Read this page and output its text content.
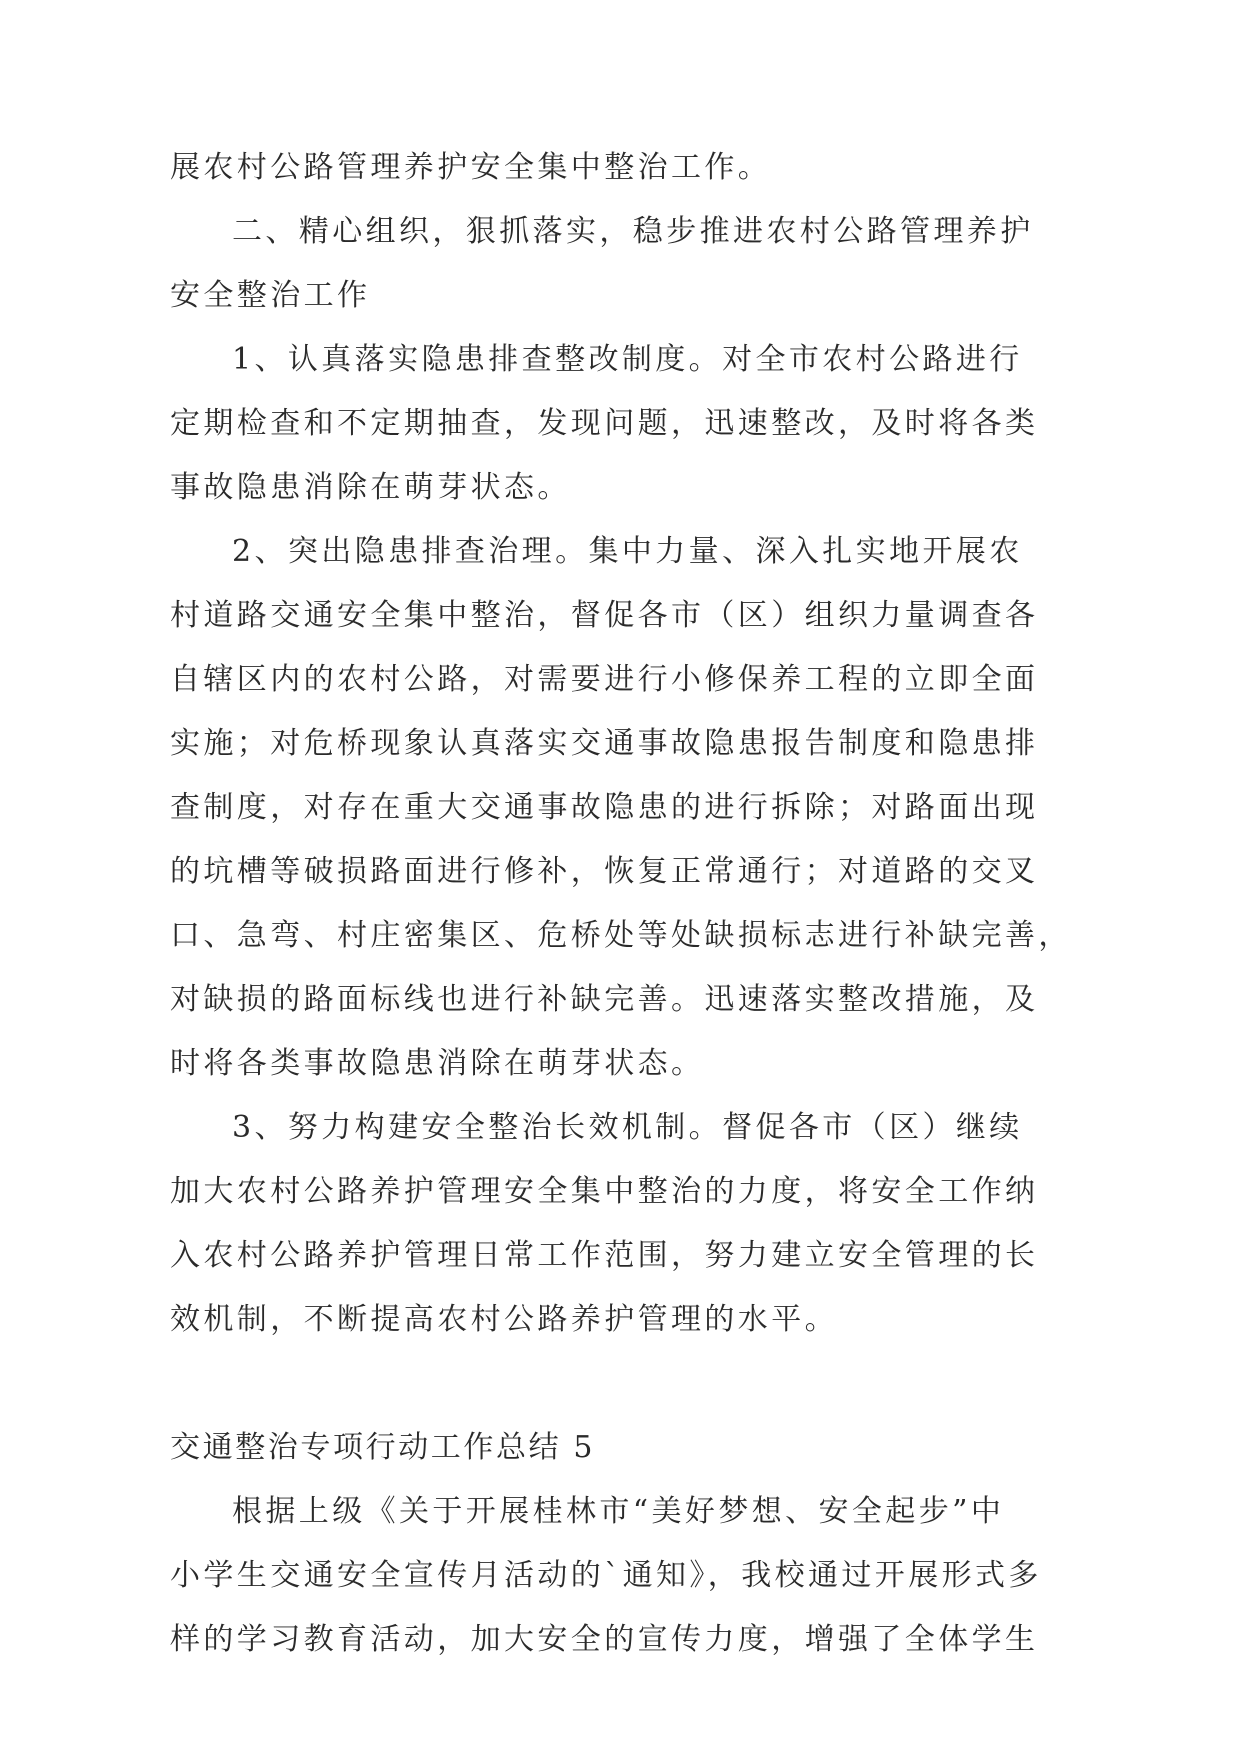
展农村公路管理养护安全集中整治工作。
二、精心组织，狠抓落实，稳步推进农村公路管理养护
安全整治工作
1、认真落实隐患排查整改制度。对全市农村公路进行
定期检查和不定期抽查，发现问题，迅速整改，及时将各类
事故隐患消除在萌芽状态。
2、突出隐患排查治理。集中力量、深入扎实地开展农
村道路交通安全集中整治，督促各市（区）组织力量调查各
自辖区内的农村公路，对需要进行小修保养工程的立即全面
实施；对危桥现象认真落实交通事故隐患报告制度和隐患排
查制度，对存在重大交通事故隐患的进行拆除；对路面出现
的坑槽等破损路面进行修补，恢复正常通行；对道路的交叉
口、急弯、村庄密集区、危桥处等处缺损标志进行补缺完善，
对缺损的路面标线也进行补缺完善。迅速落实整改措施，及
时将各类事故隐患消除在萌芽状态。
3、努力构建安全整治长效机制。督促各市（区）继续
加大农村公路养护管理安全集中整治的力度，将安全工作纳
入农村公路养护管理日常工作范围，努力建立安全管理的长
效机制，不断提高农村公路养护管理的水平。
交通整治专项行动工作总结 5
根据上级《关于开展桂林市“美好梦想、安全起步”中
小学生交通安全宣传月活动的`通知》，我校通过开展形式多
样的学习教育活动，加大安全的宣传力度，增强了全体学生
